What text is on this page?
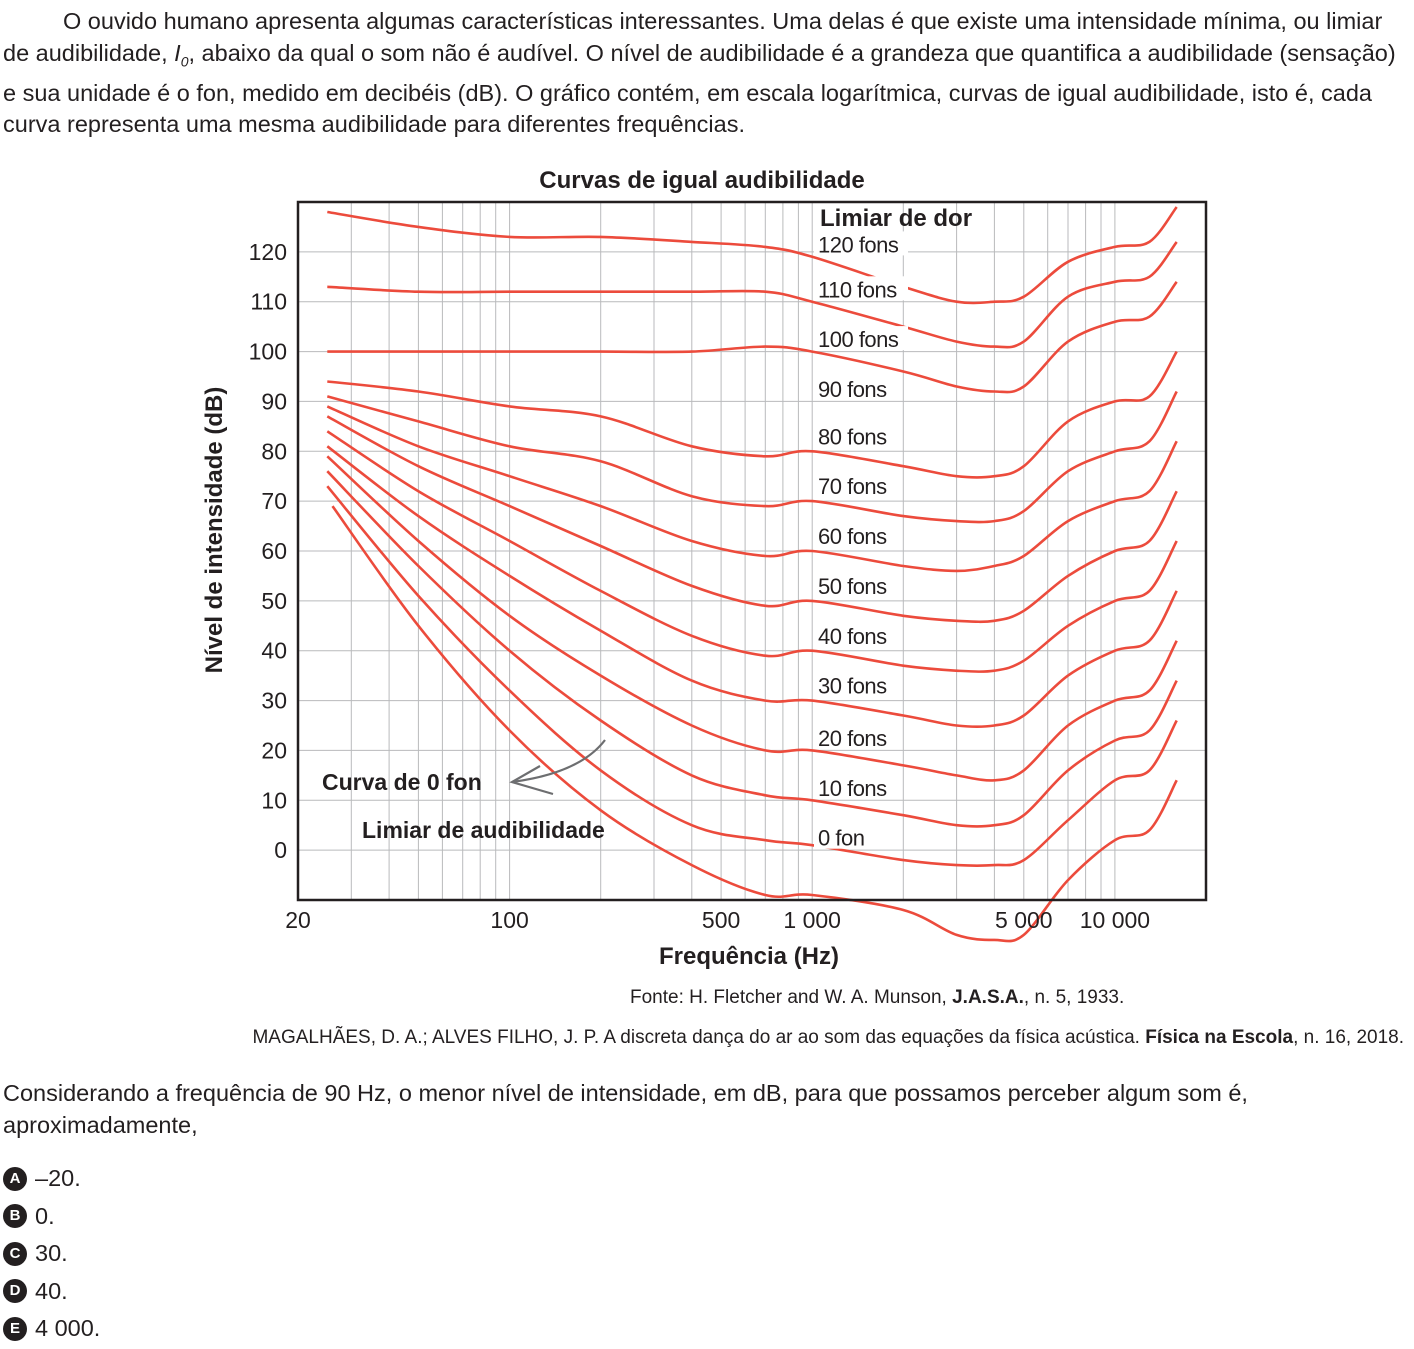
O ouvido humano apresenta algumas características interessantes. Uma delas é que existe uma intensidade mínima, ou limiar de audibilidade, $I_0$, abaixo da qual o som não é audível. O nível de audibilidade é a grandeza que quantifica a audibilidade (sensação) e sua unidade é o fon, medido em decibéis (dB). O gráfico contém, em escala logarítmica, curvas de igual audibilidade, isto é, cada curva representa uma mesma audibilidade para diferentes frequências.

Curvas de igual audibilidade
0
10
20
30
40
50
60
70
80
90
100
110
120
20	100	500 1 000	5 000 10 000
120 fons
110 fons
100 fons
90 fons
80 fons
70 fons
60 fons
50 fons
40 fons
30 fons
20 fons
10 fons
0 fon
Limiar de dor
Curva de 0 fon
Limiar de audibilidade
Frequência (Hz)
Nível de intensidade (dB)

Fonte: H. Fletcher and W. A. Munson, J.A.S.A., n. 5, 1933.

MAGALHÃES, D. A.; ALVES FILHO, J. P. A discreta dança do ar ao som das equações da física acústica. Física na Escola, n. 16, 2018.

Considerando a frequência de 90 Hz, o menor nível de intensidade, em dB, para que possamos perceber algum som é, aproximadamente,

A –20.
B 0.
C 30.
D 40.
E 4 000.
